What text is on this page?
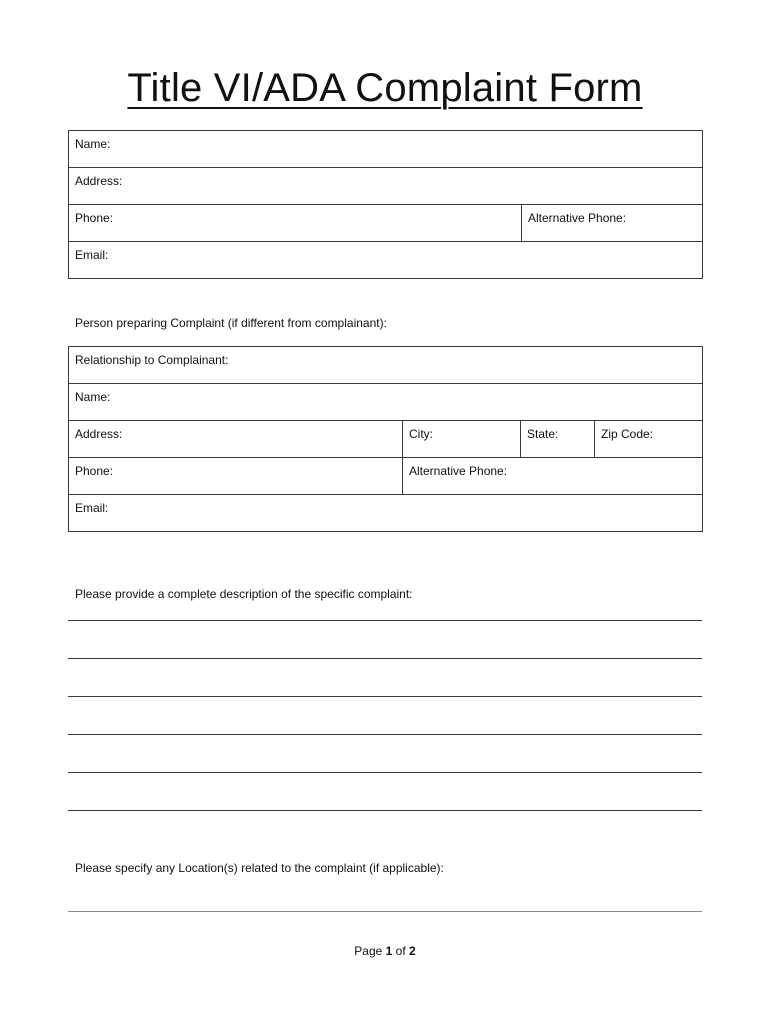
Title VI/ADA Complaint Form
Name:
Address:
Phone:	Alternative Phone:
Email:
Person preparing Complaint (if different from complainant):
Relationship to Complainant:			
Name:			
Address:	City:	State:	Zip Code:
Phone:	Alternative Phone:		
Email:			
Please provide a complete description of the specific complaint:
Please specify any Location(s) related to the complaint (if applicable):
Page 1 of 2
